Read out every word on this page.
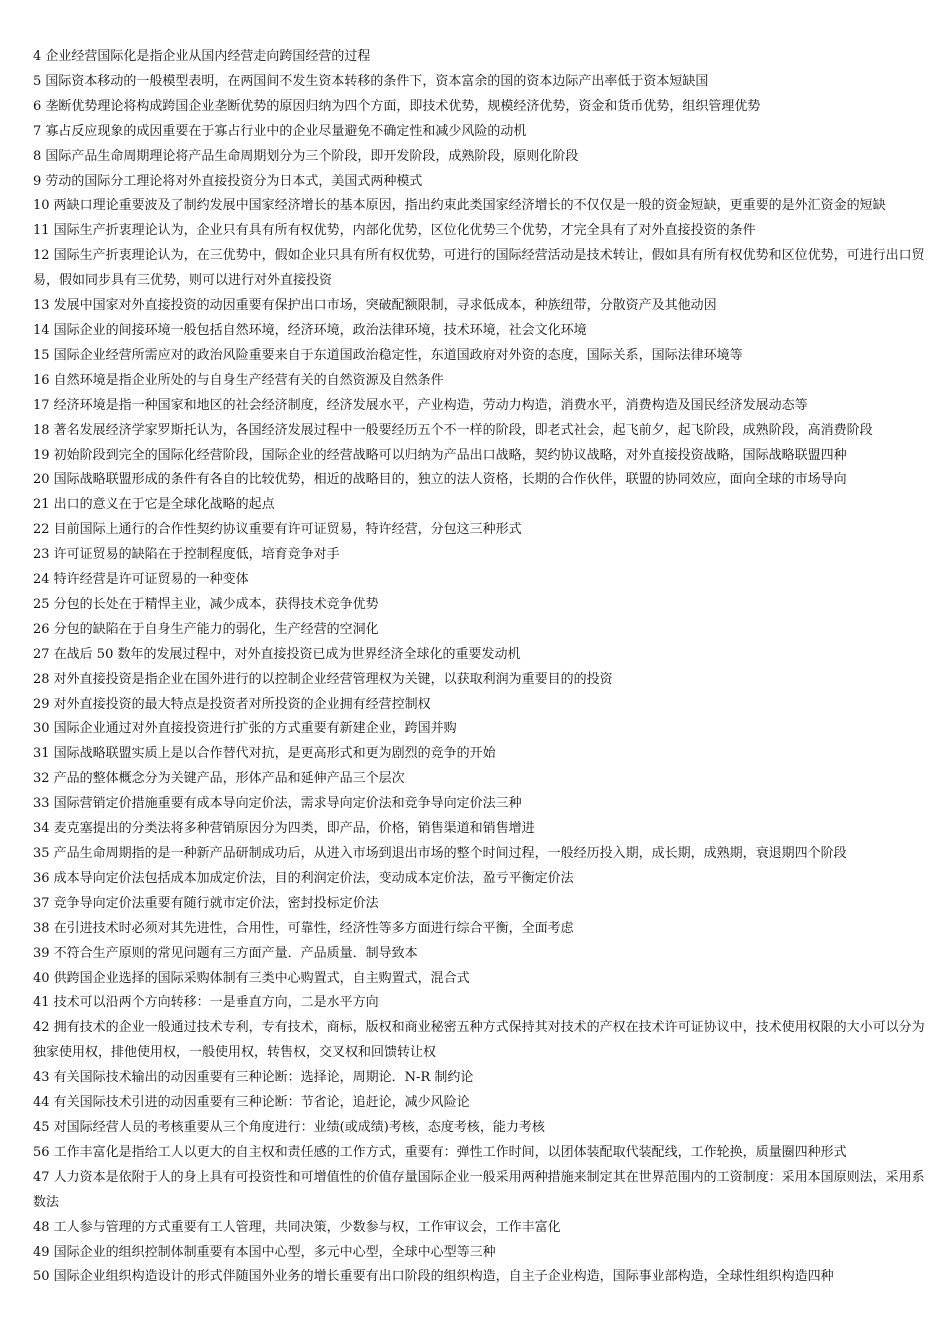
4 企业经营国际化是指企业从国内经营走向跨国经营的过程
5 国际资本移动的一般模型表明，在两国间不发生资本转移的条件下，资本富余的国的资本边际产出率低于资本短缺国
6 垄断优势理论将构成跨国企业垄断优势的原因归纳为四个方面，即技术优势，规模经济优势，资金和货币优势，组织管理优势
7 寡占反应现象的成因重要在于寡占行业中的企业尽量避免不确定性和减少风险的动机
8 国际产品生命周期理论将产品生命周期划分为三个阶段，即开发阶段，成熟阶段，原则化阶段
9 劳动的国际分工理论将对外直接投资分为日本式，美国式两种模式
10 两缺口理论重要波及了制约发展中国家经济增长的基本原因，指出约束此类国家经济增长的不仅仅是一般的资金短缺，更重要的是外汇资金的短缺
11 国际生产折衷理论认为，企业只有具有所有权优势，内部化优势，区位化优势三个优势，才完全具有了对外直接投资的条件
12 国际生产折衷理论认为，在三优势中，假如企业只具有所有权优势，可进行的国际经营活动是技术转让，假如具有所有权优势和区位优势，可进行出口贸易，假如同步具有三优势，则可以进行对外直接投资
13 发展中国家对外直接投资的动因重要有保护出口市场，突破配额限制，寻求低成本，种族纽带，分散资产及其他动因
14 国际企业的间接环境一般包括自然环境，经济环境，政治法律环境，技术环境，社会文化环境
15 国际企业经营所需应对的政治风险重要来自于东道国政治稳定性，东道国政府对外资的态度，国际关系，国际法律环境等
16 自然环境是指企业所处的与自身生产经营有关的自然资源及自然条件
17 经济环境是指一种国家和地区的社会经济制度，经济发展水平，产业构造，劳动力构造，消费水平，消费构造及国民经济发展动态等
18 著名发展经济学家罗斯托认为，各国经济发展过程中一般要经历五个不一样的阶段，即老式社会，起飞前夕，起飞阶段，成熟阶段，高消费阶段
19 初始阶段到完全的国际化经营阶段，国际企业的经营战略可以归纳为产品出口战略，契约协议战略，对外直接投资战略，国际战略联盟四种
20 国际战略联盟形成的条件有各自的比较优势，相近的战略目的，独立的法人资格，长期的合作伙伴，联盟的协同效应，面向全球的市场导向
21 出口的意义在于它是全球化战略的起点
22 目前国际上通行的合作性契约协议重要有许可证贸易，特许经营，分包这三种形式
23 许可证贸易的缺陷在于控制程度低，培育竞争对手
24 特许经营是许可证贸易的一种变体
25 分包的长处在于精悍主业，减少成本，获得技术竞争优势
26 分包的缺陷在于自身生产能力的弱化，生产经营的空洞化
27 在战后 50 数年的发展过程中，对外直接投资已成为世界经济全球化的重要发动机
28 对外直接投资是指企业在国外进行的以控制企业经营管理权为关键，以获取利润为重要目的的投资
29 对外直接投资的最大特点是投资者对所投资的企业拥有经营控制权
30 国际企业通过对外直接投资进行扩张的方式重要有新建企业，跨国并购
31 国际战略联盟实质上是以合作替代对抗，是更高形式和更为剧烈的竞争的开始
32 产品的整体概念分为关键产品，形体产品和延伸产品三个层次
33 国际营销定价措施重要有成本导向定价法，需求导向定价法和竞争导向定价法三种
34 麦克塞提出的分类法将多种营销原因分为四类，即产品，价格，销售渠道和销售增进
35 产品生命周期指的是一种新产品研制成功后，从进入市场到退出市场的整个时间过程，一般经历投入期，成长期，成熟期，衰退期四个阶段
36 成本导向定价法包括成本加成定价法，目的利润定价法，变动成本定价法，盈亏平衡定价法
37 竞争导向定价法重要有随行就市定价法，密封投标定价法
38 在引进技术时必须对其先进性，合用性，可靠性，经济性等多方面进行综合平衡，全面考虑
39 不符合生产原则的常见问题有三方面产量．产品质量．制导致本
40 供跨国企业选择的国际采购体制有三类中心购置式，自主购置式，混合式
41 技术可以沿两个方向转移：一是垂直方向，二是水平方向
42 拥有技术的企业一般通过技术专利，专有技术，商标，版权和商业秘密五种方式保持其对技术的产权在技术许可证协议中，技术使用权限的大小可以分为独家使用权，排他使用权，一般使用权，转售权，交叉权和回馈转让权
43 有关国际技术输出的动因重要有三种论断：选择论，周期论．N-R 制约论
44 有关国际技术引进的动因重要有三种论断：节省论，追赶论，减少风险论
45 对国际经营人员的考核重要从三个角度进行：业绩(或成绩)考核，态度考核，能力考核
56 工作丰富化是指给工人以更大的自主权和责任感的工作方式，重要有：弹性工作时间，以团体装配取代装配线，工作轮换，质量圈四种形式
47 人力资本是依附于人的身上具有可投资性和可增值性的价值存量国际企业一般采用两种措施来制定其在世界范围内的工资制度：采用本国原则法，采用系数法
48 工人参与管理的方式重要有工人管理，共同决策，少数参与权，工作审议会，工作丰富化
49 国际企业的组织控制体制重要有本国中心型，多元中心型，全球中心型等三种
50 国际企业组织构造设计的形式伴随国外业务的增长重要有出口阶段的组织构造，自主子企业构造，国际事业部构造，全球性组织构造四种
